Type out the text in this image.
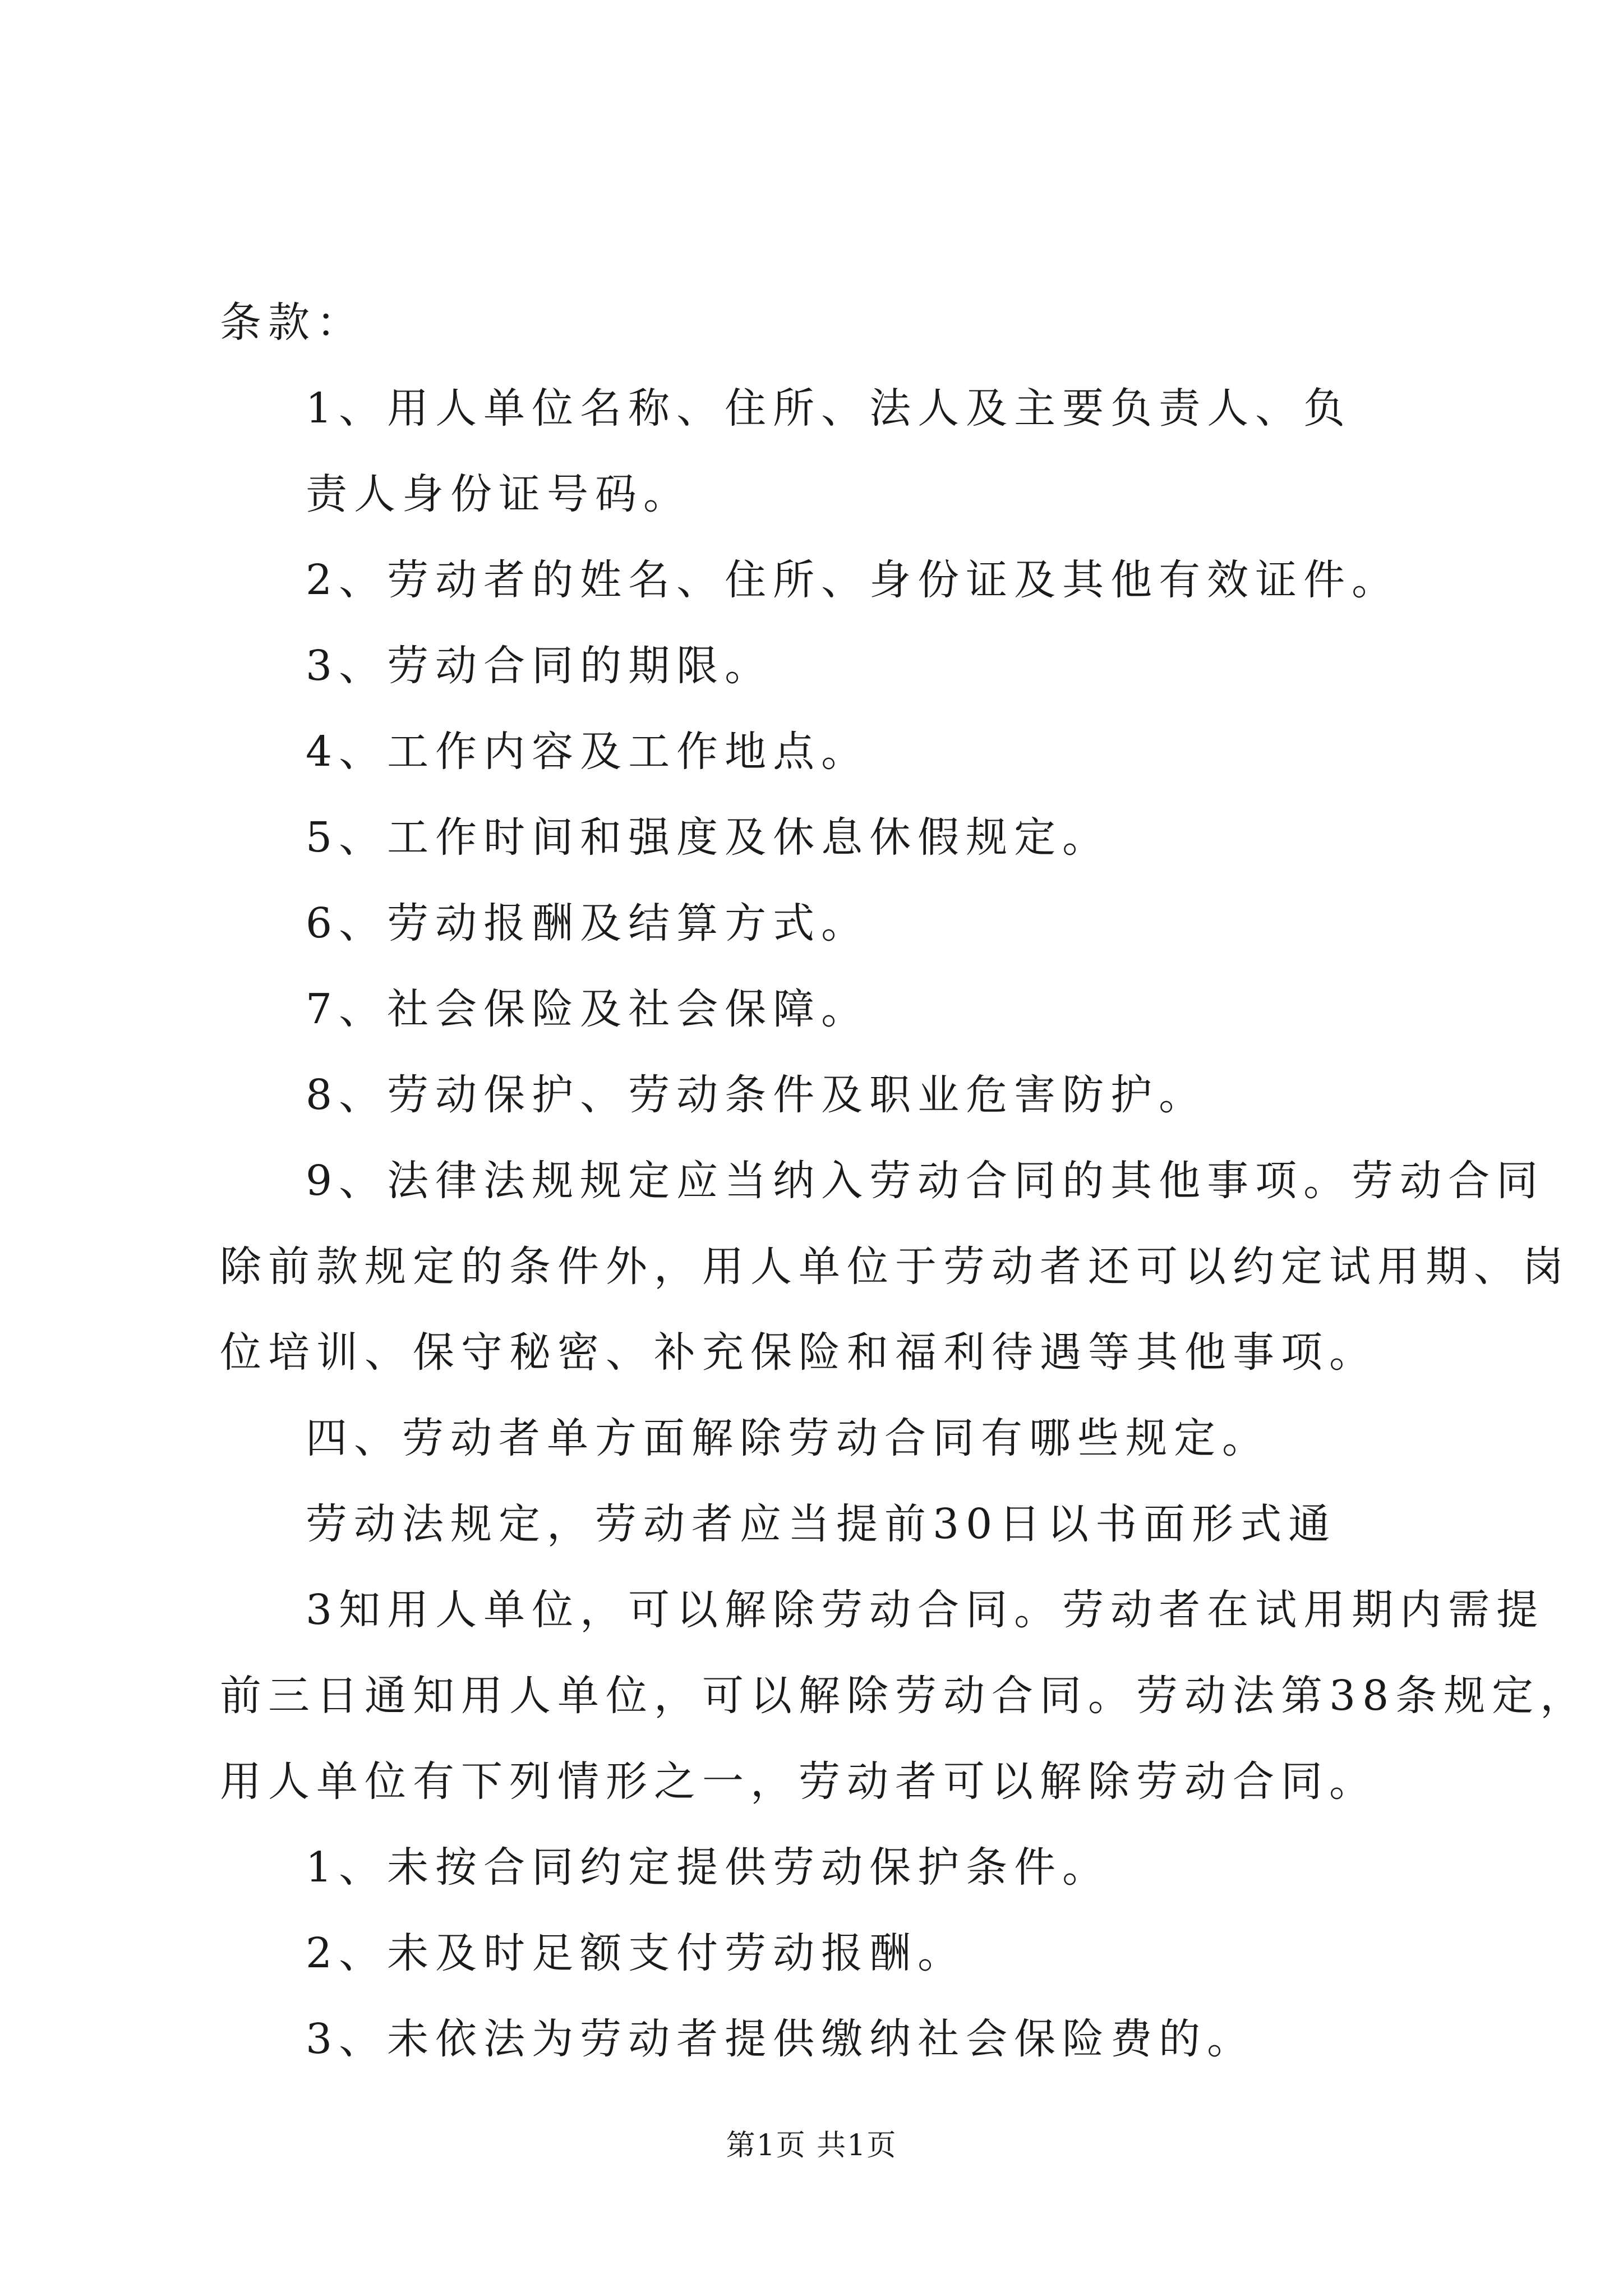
条款：
1、用人单位名称、住所、法人及主要负责人、负
责人身份证号码。
2、劳动者的姓名、住所、身份证及其他有效证件。
3、劳动合同的期限。
4、工作内容及工作地点。
5、工作时间和强度及休息休假规定。
6、劳动报酬及结算方式。
7、社会保险及社会保障。
8、劳动保护、劳动条件及职业危害防护。
9、法律法规规定应当纳入劳动合同的其他事项。劳动合同
除前款规定的条件外，用人单位于劳动者还可以约定试用期、岗
位培训、保守秘密、补充保险和福利待遇等其他事项。
四、劳动者单方面解除劳动合同有哪些规定。
劳动法规定，劳动者应当提前30日以书面形式通
3知用人单位，可以解除劳动合同。劳动者在试用期内需提
前三日通知用人单位，可以解除劳动合同。劳动法第38条规定，
用人单位有下列情形之一，劳动者可以解除劳动合同。
1、未按合同约定提供劳动保护条件。
2、未及时足额支付劳动报酬。
3、未依法为劳动者提供缴纳社会保险费的。
第1页 共1页
